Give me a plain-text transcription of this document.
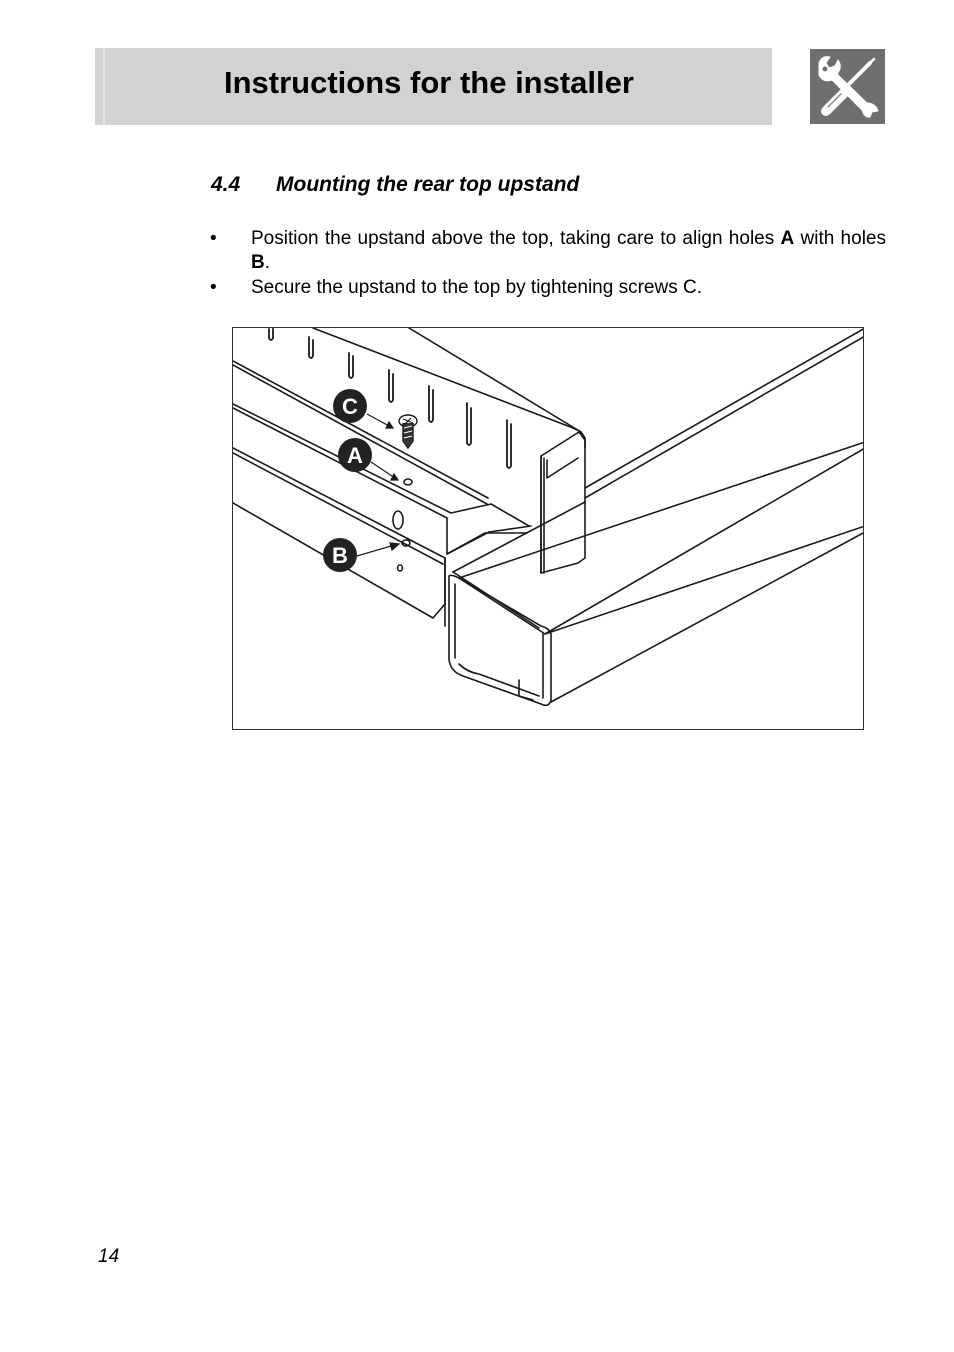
Instructions for the installer
4.4 Mounting the rear top upstand
• Position the upstand above the top, taking care to align holes A with holes B.
• Secure the upstand to the top by tightening screws C.
C
A
B
14
